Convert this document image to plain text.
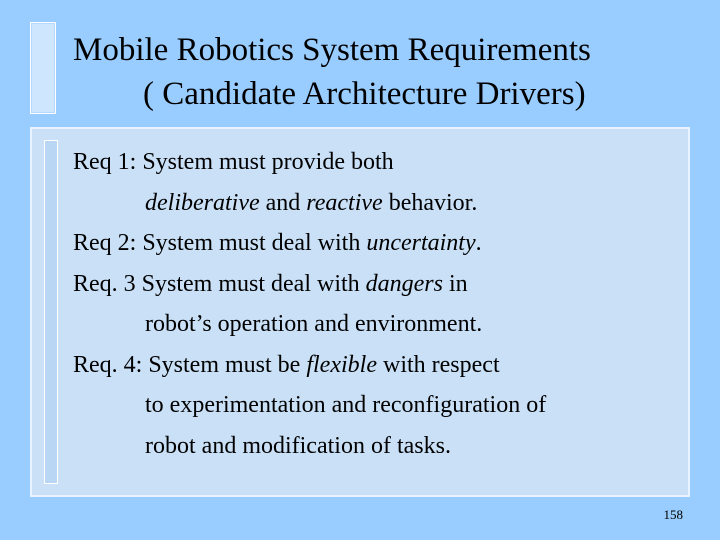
Mobile Robotics System Requirements
( Candidate Architecture Drivers)
Req 1: System must provide both
deliberative and reactive behavior.
Req 2: System must deal with uncertainty.
Req. 3 System must deal with dangers in
robot’s operation and environment.
Req. 4: System must be flexible with respect
to experimentation and reconfiguration of
robot and modification of tasks.
158
